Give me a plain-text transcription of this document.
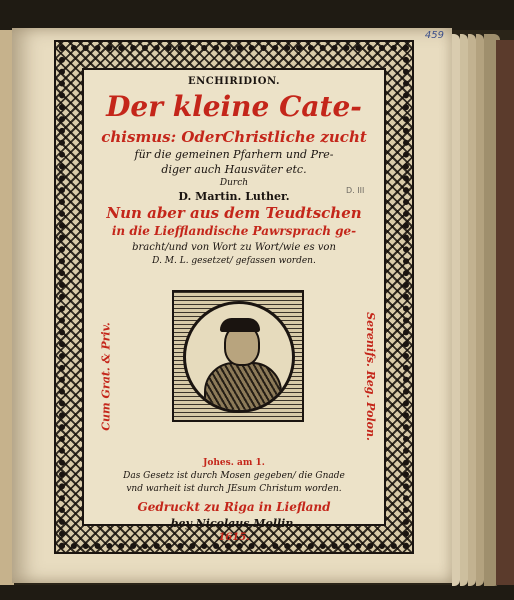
459
ENCHIRIDION.
Der kleine Cate-
chismus: OderChristliche zucht
für die gemeinen Pfarhern und Pre-
diger auch Hausväter etc.
Durch
D. Martin. Luther.	D. III
Nun aber aus dem Teudtschen
in die Liefflandische Pawrsprach ge-
bracht/und von Wort zu Wort/wie es von
D. M. L. gesetzet/ gefassen worden.
Cum Grat. & Priv.	Serenifs. Reg. Polon.
Johes. am 1.
Das Gesetz ist durch Mosen gegeben/ die Gnade
vnd warheit ist durch JEsum Christum worden.
Gedruckt zu Riga in Liefland
bey Nicolaus Mollin.
1615.
